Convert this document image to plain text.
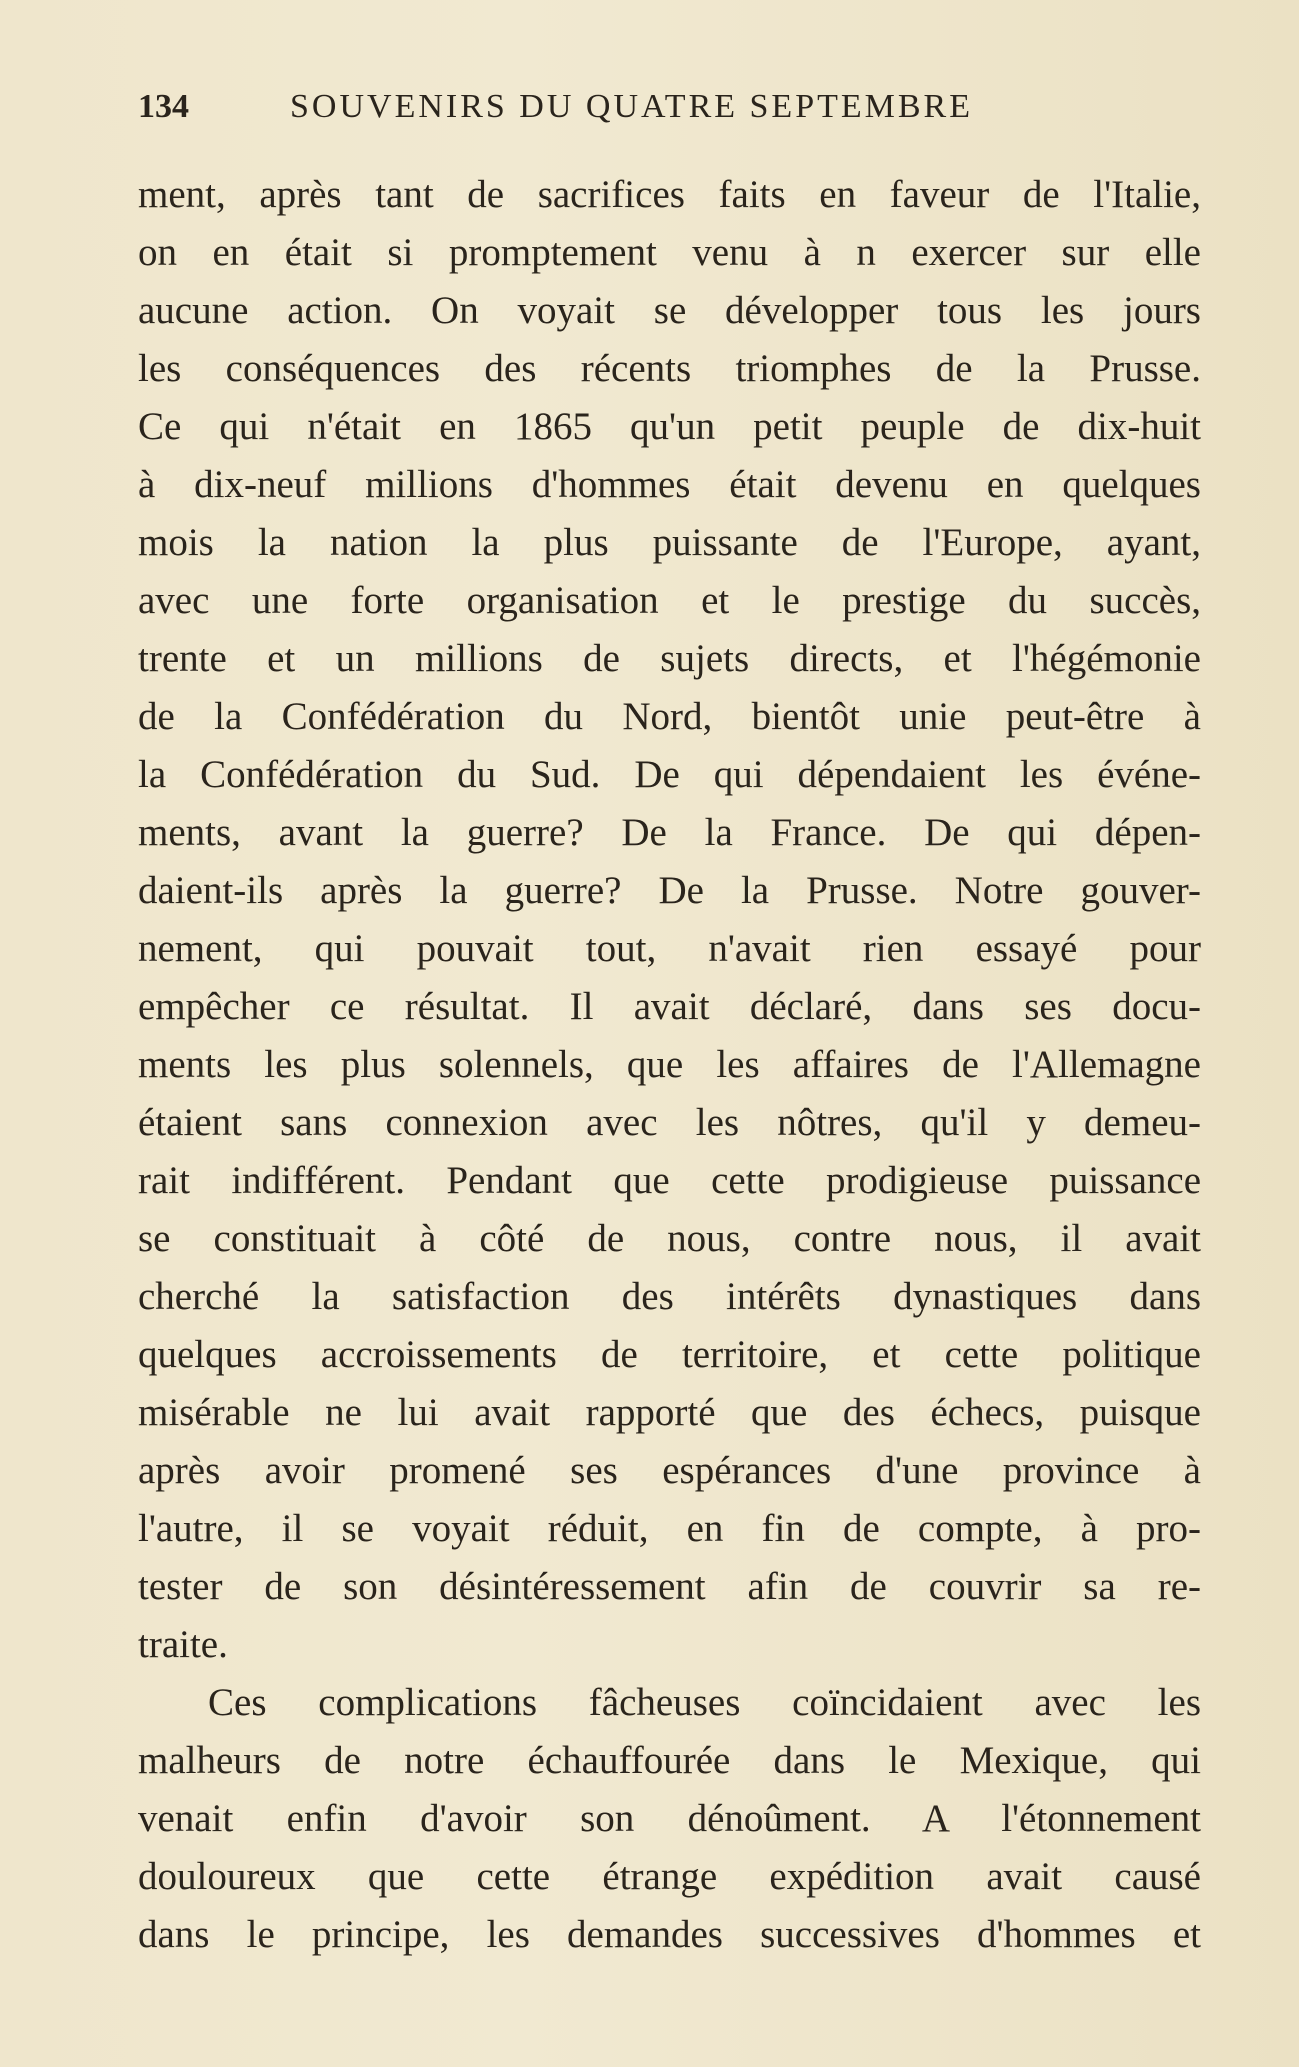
134	SOUVENIRS DU QUATRE SEPTEMBRE
ment, après tant de sacrifices faits en faveur de l'Italie,
on en était si promptement venu à n exercer sur elle
aucune action. On voyait se développer tous les jours
les conséquences des récents triomphes de la Prusse.
Ce qui n'était en 1865 qu'un petit peuple de dix-huit
à dix-neuf millions d'hommes était devenu en quelques
mois la nation la plus puissante de l'Europe, ayant,
avec une forte organisation et le prestige du succès,
trente et un millions de sujets directs, et l'hégémonie
de la Confédération du Nord, bientôt unie peut-être à
la Confédération du Sud. De qui dépendaient les événe-
ments, avant la guerre? De la France. De qui dépen-
daient-ils après la guerre? De la Prusse. Notre gouver-
nement, qui pouvait tout, n'avait rien essayé pour
empêcher ce résultat. Il avait déclaré, dans ses docu-
ments les plus solennels, que les affaires de l'Allemagne
étaient sans connexion avec les nôtres, qu'il y demeu-
rait indifférent. Pendant que cette prodigieuse puissance
se constituait à côté de nous, contre nous, il avait
cherché la satisfaction des intérêts dynastiques dans
quelques accroissements de territoire, et cette politique
misérable ne lui avait rapporté que des échecs, puisque
après avoir promené ses espérances d'une province à
l'autre, il se voyait réduit, en fin de compte, à pro-
tester de son désintéressement afin de couvrir sa re-
traite.
Ces complications fâcheuses coïncidaient avec les
malheurs de notre échauffourée dans le Mexique, qui
venait enfin d'avoir son dénoûment. A l'étonnement
douloureux que cette étrange expédition avait causé
dans le principe, les demandes successives d'hommes et
